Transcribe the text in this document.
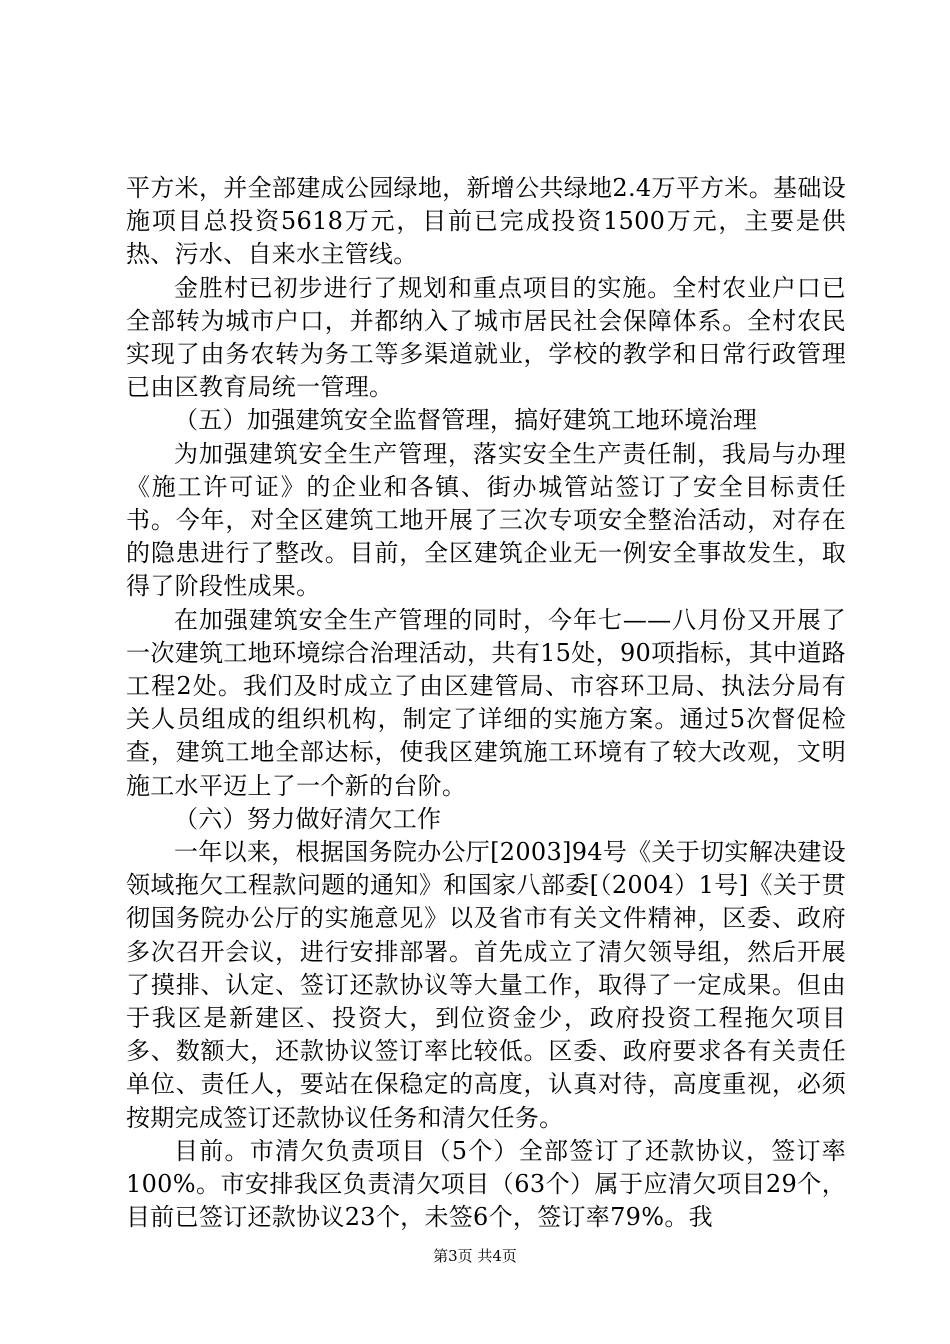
平方米，并全部建成公园绿地，新增公共绿地2.4万平方米。基础设施项目总投资5618万元，目前已完成投资1500万元，主要是供热、污水、自来水主管线。

金胜村已初步进行了规划和重点项目的实施。全村农业户口已全部转为城市户口，并都纳入了城市居民社会保障体系。全村农民实现了由务农转为务工等多渠道就业，学校的教学和日常行政管理已由区教育局统一管理。

（五）加强建筑安全监督管理，搞好建筑工地环境治理

为加强建筑安全生产管理，落实安全生产责任制，我局与办理《施工许可证》的企业和各镇、街办城管站签订了安全目标责任书。今年，对全区建筑工地开展了三次专项安全整治活动，对存在的隐患进行了整改。目前，全区建筑企业无一例安全事故发生，取得了阶段性成果。

在加强建筑安全生产管理的同时，今年七——八月份又开展了一次建筑工地环境综合治理活动，共有15处，90项指标，其中道路工程2处。我们及时成立了由区建管局、市容环卫局、执法分局有关人员组成的组织机构，制定了详细的实施方案。通过5次督促检查，建筑工地全部达标，使我区建筑施工环境有了较大改观，文明施工水平迈上了一个新的台阶。

（六）努力做好清欠工作

一年以来，根据国务院办公厅[2003]94号《关于切实解决建设领域拖欠工程款问题的通知》和国家八部委[（2004）1号]《关于贯彻国务院办公厅的实施意见》以及省市有关文件精神，区委、政府多次召开会议，进行安排部署。首先成立了清欠领导组，然后开展了摸排、认定、签订还款协议等大量工作，取得了一定成果。但由于我区是新建区、投资大，到位资金少，政府投资工程拖欠项目多、数额大，还款协议签订率比较低。区委、政府要求各有关责任单位、责任人，要站在保稳定的高度，认真对待，高度重视，必须按期完成签订还款协议任务和清欠任务。

目前。市清欠负责项目（5个）全部签订了还款协议，签订率100%。市安排我区负责清欠项目（63个）属于应清欠项目29个，目前已签订还款协议23个，未签6个，签订率79%。我

第3页 共4页
